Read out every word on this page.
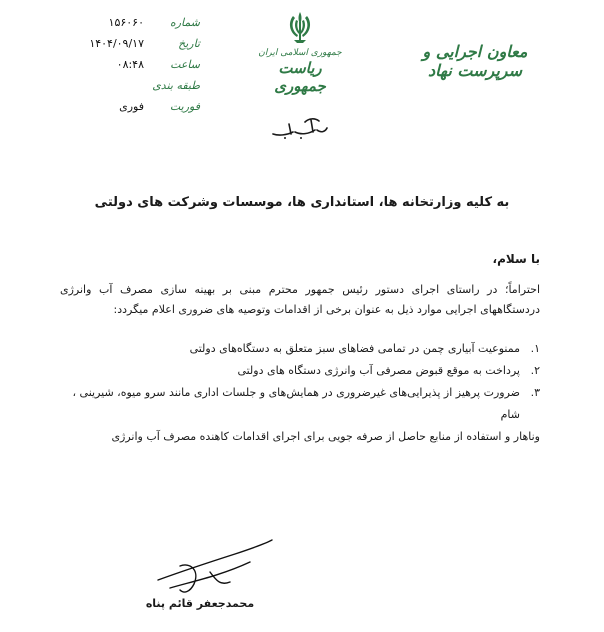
شماره
۱۵۶۰۶۰
تاریخ
۱۴۰۴/۰۹/۱۷
ساعت
۰۸:۴۸
طبقه بندی
فوریت
فوری
جمهوری اسلامی ایران
ریاست جمهوری
معاون اجرایی و سرپرست نهاد
به کلیه وزارتخانه ها، استانداری ها، موسسات وشرکت های دولتی
با سلام،
احتراماً؛ در راستای اجرای دستور رئیس جمهور محترم مبنی بر بهینه سازی مصرف آب وانرژی دردستگاههای اجرایی موارد ذیل به عنوان برخی از اقدامات وتوصیه های ضروری اعلام میگردد:
۱.
ممنوعیت آبیاری چمن در تمامی فضاهای سبز متعلق به دستگاه‌های دولتی
۲.
پرداخت به موقع قبوض مصرفی آب وانرژی دستگاه های دولتی
۳.
ضرورت پرهیز از پذیرایی‌های غیرضروری در همایش‌های و جلسات اداری مانند سرو میوه، شیرینی ، شام
وناهار و استفاده از منابع حاصل از صرفه جویی برای اجرای اقدامات کاهنده مصرف آب وانرژی
محمدجعفر قائم پناه
